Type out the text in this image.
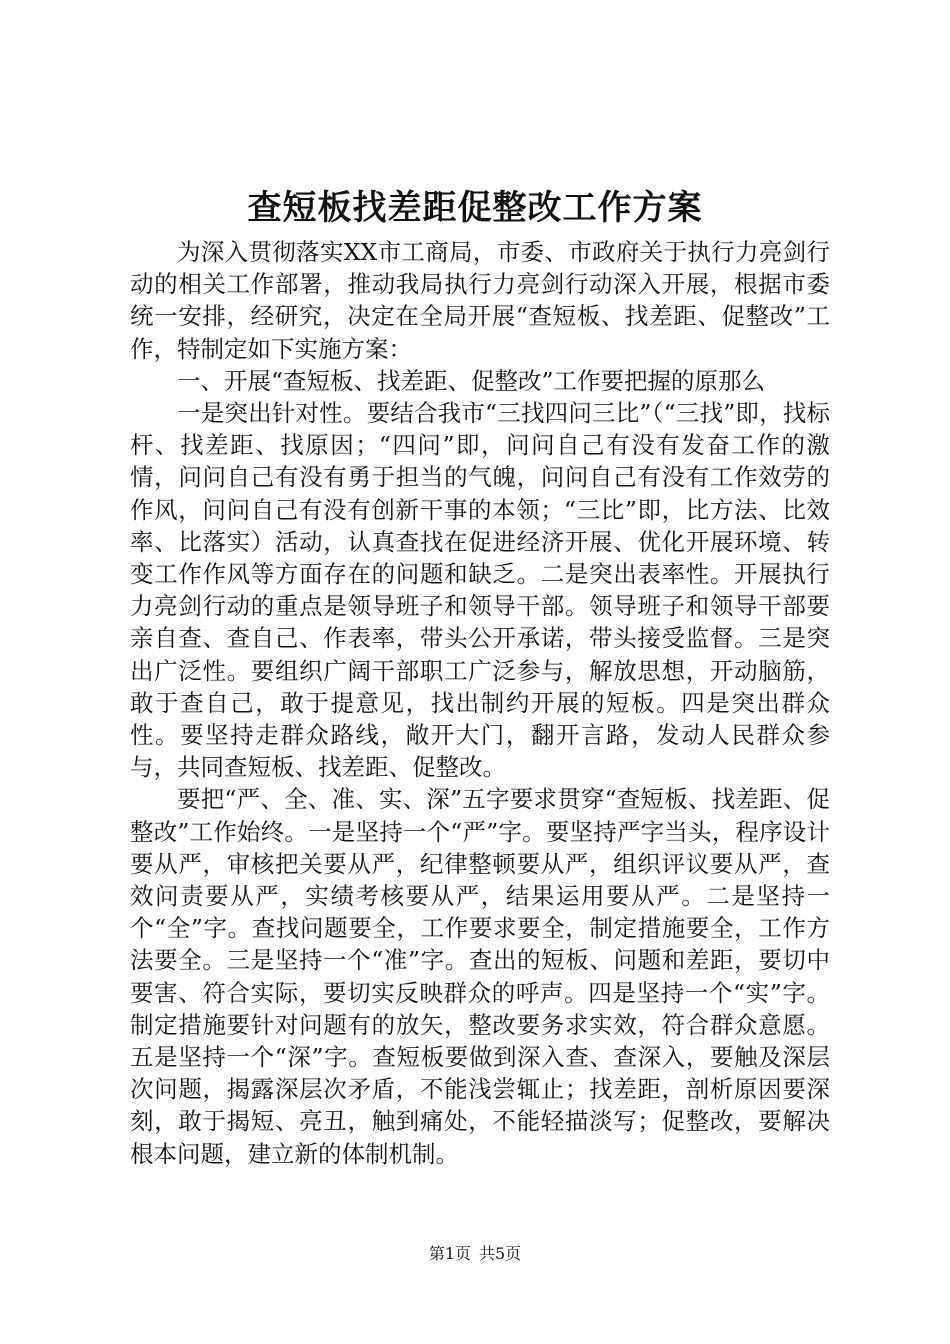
查短板找差距促整改工作方案

为深入贯彻落实XX市工商局，市委、市政府关于执行力亮剑行动的相关工作部署，推动我局执行力亮剑行动深入开展，根据市委统一安排，经研究，决定在全局开展“查短板、找差距、促整改”工作，特制定如下实施方案：

一、开展“查短板、找差距、促整改”工作要把握的原那么

一是突出针对性。要结合我市“三找四问三比”（“三找”即，找标杆、找差距、找原因；“四问”即，问问自己有没有发奋工作的激情，问问自己有没有勇于担当的气魄，问问自己有没有工作效劳的作风，问问自己有没有创新干事的本领；“三比”即，比方法、比效率、比落实）活动，认真查找在促进经济开展、优化开展环境、转变工作作风等方面存在的问题和缺乏。二是突出表率性。开展执行力亮剑行动的重点是领导班子和领导干部。领导班子和领导干部要亲自查、查自己、作表率，带头公开承诺，带头接受监督。三是突出广泛性。要组织广阔干部职工广泛参与，解放思想，开动脑筋，敢于查自己，敢于提意见，找出制约开展的短板。四是突出群众性。要坚持走群众路线，敞开大门，翻开言路，发动人民群众参与，共同查短板、找差距、促整改。

要把“严、全、准、实、深”五字要求贯穿“查短板、找差距、促整改”工作始终。一是坚持一个“严”字。要坚持严字当头，程序设计要从严，审核把关要从严，纪律整顿要从严，组织评议要从严，查效问责要从严，实绩考核要从严，结果运用要从严。二是坚持一个“全”字。查找问题要全，工作要求要全，制定措施要全，工作方法要全。三是坚持一个“准”字。查出的短板、问题和差距，要切中要害、符合实际，要切实反映群众的呼声。四是坚持一个“实”字。制定措施要针对问题有的放矢，整改要务求实效，符合群众意愿。五是坚持一个“深”字。查短板要做到深入查、查深入，要触及深层次问题，揭露深层次矛盾，不能浅尝辄止；找差距，剖析原因要深刻，敢于揭短、亮丑，触到痛处，不能轻描淡写；促整改，要解决根本问题，建立新的体制机制。

第1页 共5页
